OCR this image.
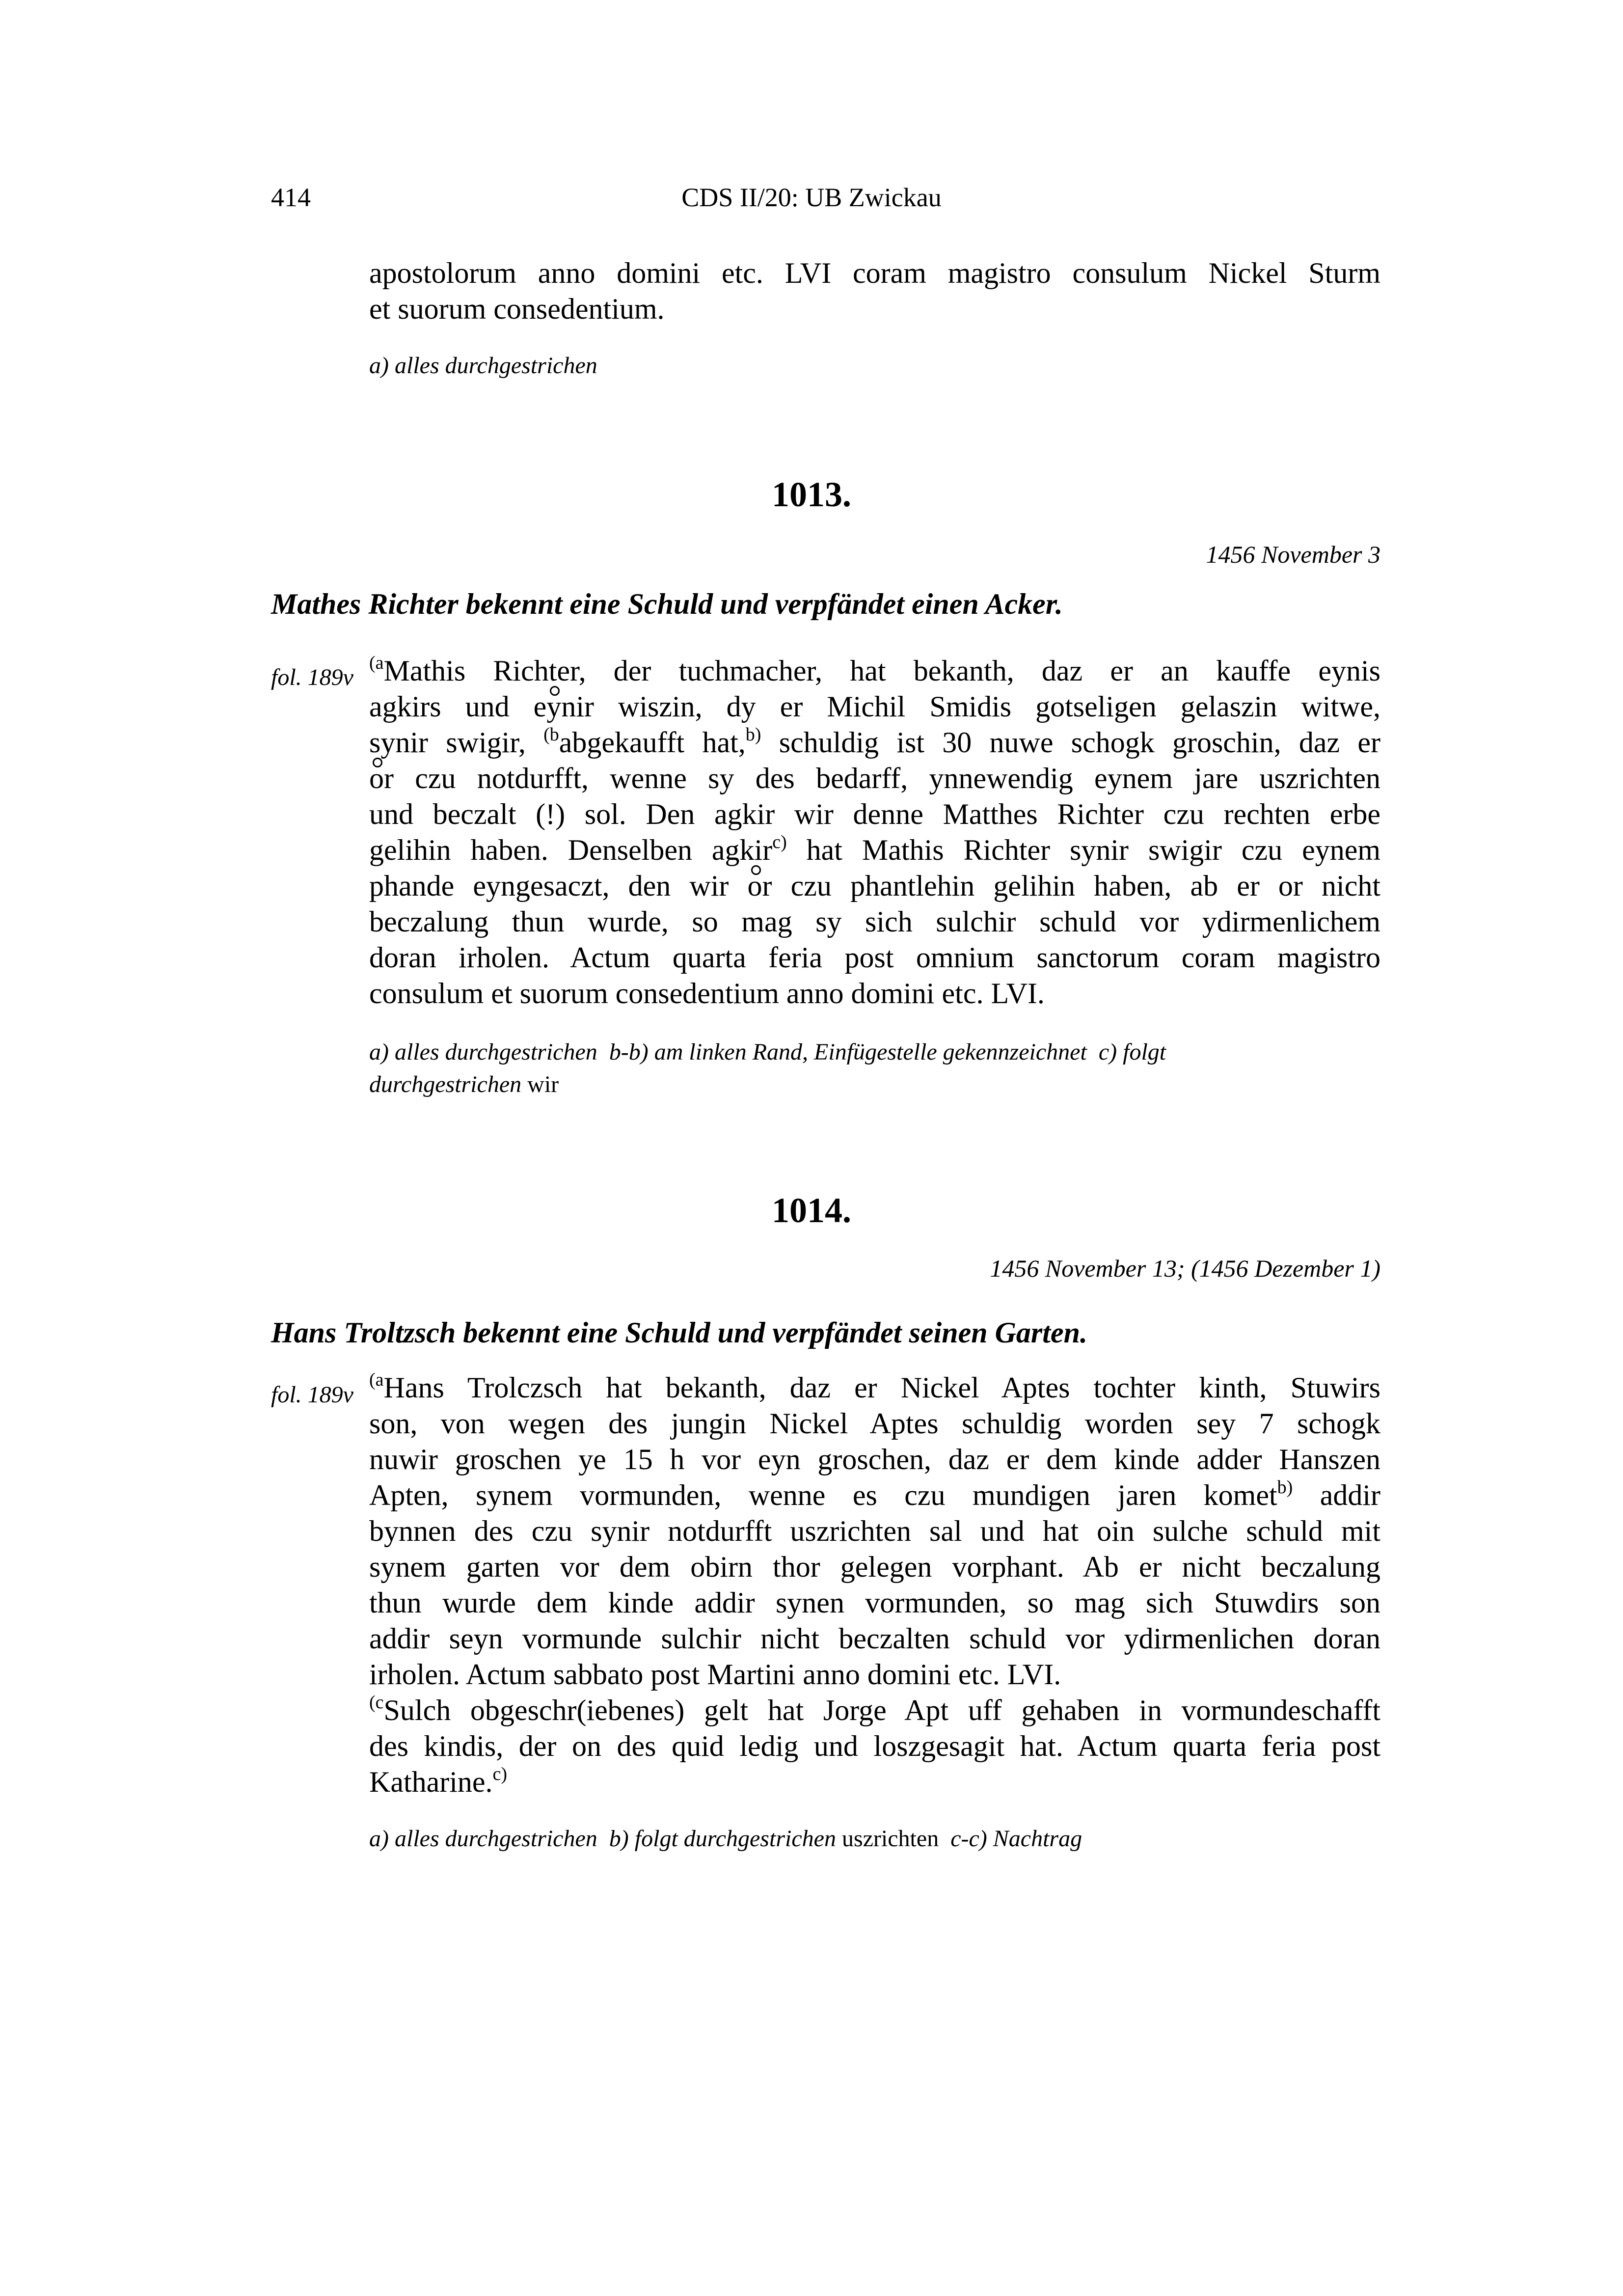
414	CDS II/20: UB Zwickau
apostolorum anno domini etc. LVI coram magistro consulum Nickel Sturm
et suorum consedentium.
a) alles durchgestrichen
1013.
1456 November 3
Mathes Richter bekennt eine Schuld und verpfändet einen Acker.
fol. 189v
$^{(a}$Mathis Richter, der tuchmacher, hat bekanth, daz er an kauffe eynis
agkirs und eynir wiszin, dy er Michil Smidis gotseligen gelaszin witwe,
synir swigir, $^{(b}$abgekaufft hat,$^{b)}$ schuldig ist 30 nuwe schogk groschin, daz er
or czu notdurfft, wenne sy des bedarff, ynnewendig eynem jare uszrichten
und beczalt (!) sol. Den agkir wir denne Matthes Richter czu rechten erbe
gelihin haben. Denselben agkir$^{c)}$ hat Mathis Richter synir swigir czu eynem
phande eyngesaczt, den wir or czu phantlehin gelihin haben, ab er or nicht
beczalung thun wurde, so mag sy sich sulchir schuld vor ydirmenlichem
doran irholen. Actum quarta feria post omnium sanctorum coram magistro
consulum et suorum consedentium anno domini etc. LVI.
a) alles durchgestrichen b-b) am linken Rand, Einfügestelle gekennzeichnet c) folgt
durchgestrichen wir
1014.
1456 November 13; (1456 Dezember 1)
Hans Troltzsch bekennt eine Schuld und verpfändet seinen Garten.
fol. 189v
$^{(a}$Hans Trolczsch hat bekanth, daz er Nickel Aptes tochter kinth, Stuwirs
son, von wegen des jungin Nickel Aptes schuldig worden sey 7 schogk
nuwir groschen ye 15 h vor eyn groschen, daz er dem kinde adder Hanszen
Apten, synem vormunden, wenne es czu mundigen jaren komet$^{b)}$ addir
bynnen des czu synir notdurfft uszrichten sal und hat oin sulche schuld mit
synem garten vor dem obirn thor gelegen vorphant. Ab er nicht beczalung
thun wurde dem kinde addir synen vormunden, so mag sich Stuwdirs son
addir seyn vormunde sulchir nicht beczalten schuld vor ydirmenlichen doran
irholen. Actum sabbato post Martini anno domini etc. LVI.
$^{(c}$Sulch obgeschr(iebenes) gelt hat Jorge Apt uff gehaben in vormundeschafft
des kindis, der on des quid ledig und loszgesagit hat. Actum quarta feria post
Katharine.$^{c)}$
a) alles durchgestrichen b) folgt durchgestrichen uszrichten c-c) Nachtrag
